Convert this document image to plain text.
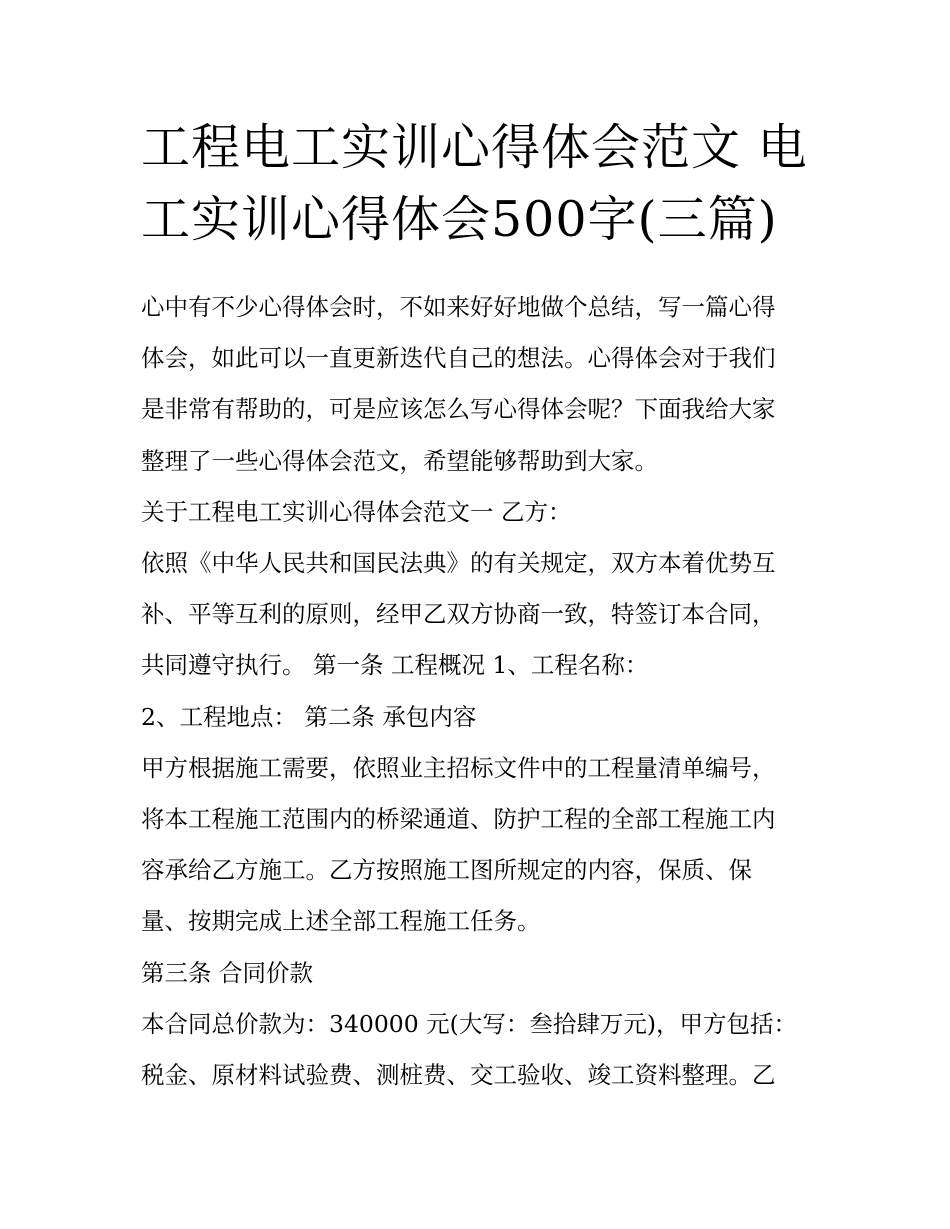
工程电工实训心得体会范文 电
工实训心得体会500字(三篇)

心中有不少心得体会时，不如来好好地做个总结，写一篇心得

体会，如此可以一直更新迭代自己的想法。心得体会对于我们

是非常有帮助的，可是应该怎么写心得体会呢？下面我给大家

整理了一些心得体会范文，希望能够帮助到大家。

关于工程电工实训心得体会范文一 乙方：

依照《中华人民共和国民法典》的有关规定，双方本着优势互

补、平等互利的原则，经甲乙双方协商一致，特签订本合同，

共同遵守执行。 第一条 工程概况 1、工程名称：

2、工程地点： 第二条 承包内容

甲方根据施工需要，依照业主招标文件中的工程量清单编号，

将本工程施工范围内的桥梁通道、防护工程的全部工程施工内

容承给乙方施工。乙方按照施工图所规定的内容，保质、保

量、按期完成上述全部工程施工任务。

第三条 合同价款

本合同总价款为：340000 元(大写：叁拾肆万元)，甲方包括：

税金、原材料试验费、测桩费、交工验收、竣工资料整理。乙
